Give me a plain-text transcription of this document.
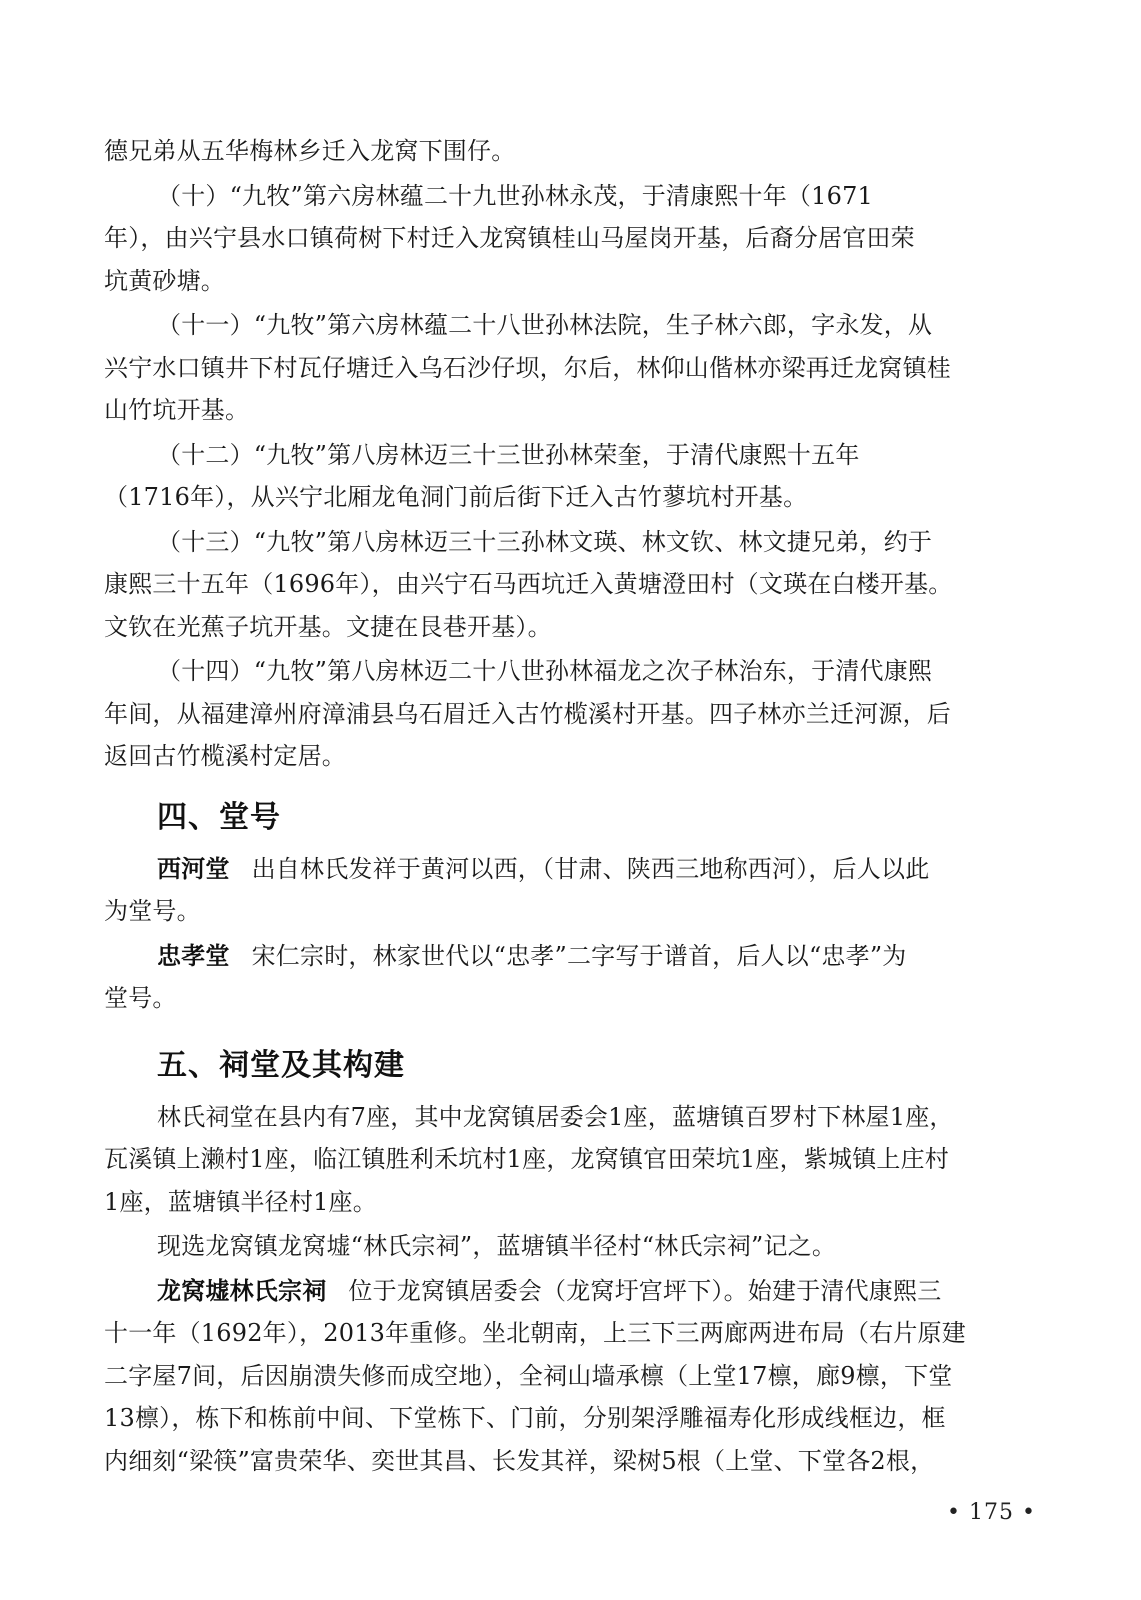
德兄弟从五华梅林乡迁入龙窝下围仔。

（十）“九牧”第六房林蕴二十九世孙林永茂，于清康熙十年（1671
年），由兴宁县水口镇荷树下村迁入龙窝镇桂山马屋岗开基，后裔分居官田荣
坑黄砂塘。

（十一）“九牧”第六房林蕴二十八世孙林法院，生子林六郎，字永发，从
兴宁水口镇井下村瓦仔塘迁入乌石沙仔坝，尔后，林仰山偕林亦梁再迁龙窝镇桂
山竹坑开基。

（十二）“九牧”第八房林迈三十三世孙林荣奎，于清代康熙十五年
（1716年），从兴宁北厢龙龟洞门前后街下迁入古竹蓼坑村开基。

（十三）“九牧”第八房林迈三十三孙林文瑛、林文钦、林文捷兄弟，约于
康熙三十五年（1696年），由兴宁石马西坑迁入黄塘澄田村（文瑛在白楼开基。
文钦在光蕉子坑开基。文捷在艮巷开基）。

（十四）“九牧”第八房林迈二十八世孙林福龙之次子林治东，于清代康熙
年间，从福建漳州府漳浦县乌石眉迁入古竹榄溪村开基。四子林亦兰迁河源，后
返回古竹榄溪村定居。

四、堂号

西河堂 出自林氏发祥于黄河以西，（甘肃、陕西三地称西河），后人以此
为堂号。

忠孝堂 宋仁宗时，林家世代以“忠孝”二字写于谱首，后人以“忠孝”为
堂号。

五、祠堂及其构建

林氏祠堂在县内有7座，其中龙窝镇居委会1座，蓝塘镇百罗村下林屋1座，
瓦溪镇上濑村1座，临江镇胜利禾坑村1座，龙窝镇官田荣坑1座，紫城镇上庄村
1座，蓝塘镇半径村1座。

现选龙窝镇龙窝墟“林氏宗祠”，蓝塘镇半径村“林氏宗祠”记之。

龙窝墟林氏宗祠 位于龙窝镇居委会（龙窝圩宫坪下）。始建于清代康熙三
十一年（1692年），2013年重修。坐北朝南，上三下三两廊两进布局（右片原建
二字屋7间，后因崩溃失修而成空地），全祠山墙承檩（上堂17檩，廊9檩，下堂
13檩），栋下和栋前中间、下堂栋下、门前，分别架浮雕福寿化形成线框边，框
内细刻“梁筷”富贵荣华、奕世其昌、长发其祥，梁树5根（上堂、下堂各2根，

• 175 •
